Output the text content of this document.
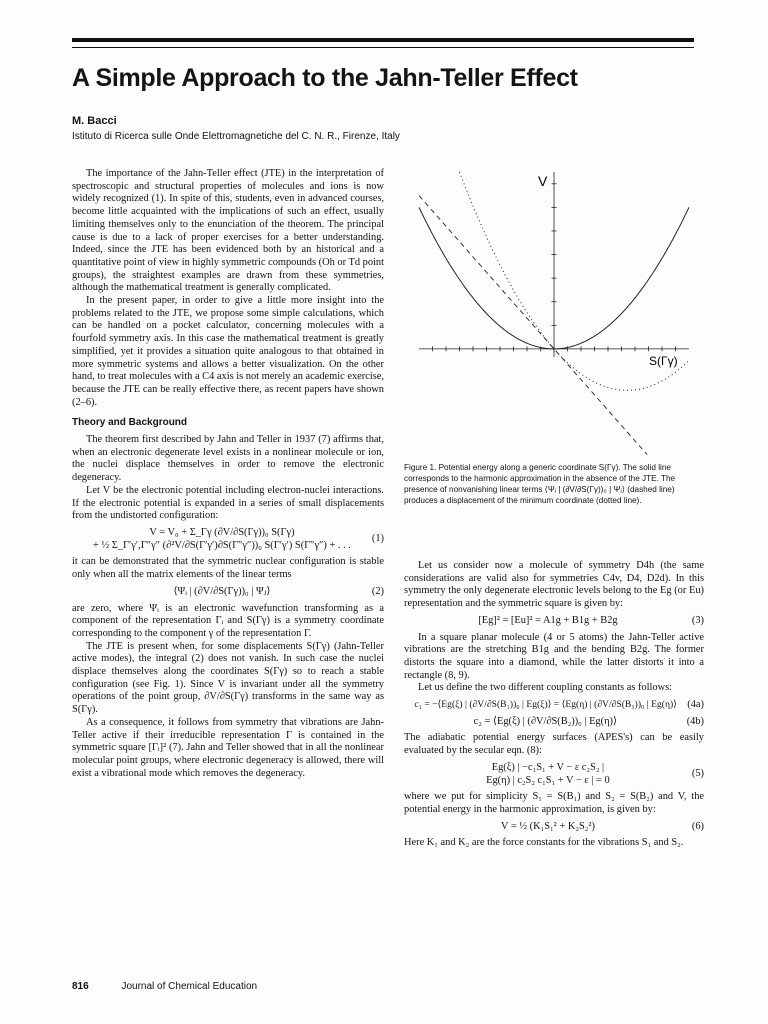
A Simple Approach to the Jahn-Teller Effect
M. Bacci
Istituto di Ricerca sulle Onde Elettromagnetiche del C. N. R., Firenze, Italy

The importance of the Jahn-Teller effect (JTE) in the interpretation of spectroscopic and structural properties of molecules and ions is now widely recognized (1). In spite of this, students, even in advanced courses, become little acquainted with the implications of such an effect, usually limiting themselves only to the enunciation of the theorem. The principal cause is due to a lack of proper exercises for a better understanding. Indeed, since the JTE has been evidenced both by an historical and a quantitative point of view in highly symmetric compounds (Oh or Td point groups), the straightest examples are drawn from these symmetries, although the mathematical treatment is generally complicated.

In the present paper, in order to give a little more insight into the problems related to the JTE, we propose some simple calculations, which can be handled on a pocket calculator, concerning molecules with a fourfold symmetry axis. In this case the mathematical treatment is greatly simplified, yet it provides a situation quite analogous to that obtained in more symmetric systems and allows a better visualization. On the other hand, to treat molecules with a C4 axis is not merely an academic exercise, because the JTE can be really effective there, as recent papers have shown (2–6).

Theory and Background

The theorem first described by Jahn and Teller in 1937 (7) affirms that, when an electronic degenerate level exists in a nonlinear molecule or ion, the nuclei displace themselves in order to remove the electronic degeneracy.

Let V be the electronic potential including electron-nuclei interactions. If the electronic potential is expanded in a series of small displacements from the undistorted configuration:

V = V₀ + Σ_Γγ (∂V/∂S(Γγ))₀ S(Γγ)
+ ½ Σ_Γ′γ′,Γ″γ″ (∂²V/∂S(Γ′γ′)∂S(Γ″γ″))₀ S(Γ′γ′) S(Γ″γ″) + . . .
(1)

it can be demonstrated that the symmetric nuclear configuration is stable only when all the matrix elements of the linear terms

⟨Ψᵢ | (∂V/∂S(Γγ))₀ | Ψⱼ⟩	(2)

are zero, where Ψᵢ is an electronic wavefunction transforming as a component of the representation Γᵢ and S(Γγ) is a symmetry coordinate corresponding to the component γ of the representation Γ.

The JTE is present when, for some displacements S(Γγ) (Jahn-Teller active modes), the integral (2) does not vanish. In such case the nuclei displace themselves along the coordinates S(Γγ) so to reach a stable configuration (see Fig. 1). Since V is invariant under all the symmetry operations of the point group, ∂V/∂S(Γγ) transforms in the same way as S(Γγ).

As a consequence, it follows from symmetry that vibrations are Jahn-Teller active if their irreducible representation Γ is contained in the symmetric square [Γᵢ]² (7). Jahn and Teller showed that in all the nonlinear molecular point groups, where electronic degeneracy is allowed, there will exist a vibrational mode which removes the degeneracy.

V
S(Γγ)
Figure 1. Potential energy along a generic coordinate S(Γγ). The solid line corresponds to the harmonic approximation in the absence of the JTE. The presence of nonvanishing linear terms ⟨Ψᵢ | (∂V/∂S(Γγ))₀ | Ψⱼ⟩ (dashed line) produces a displacement of the minimum coordinate (dotted line).

Let us consider now a molecule of symmetry D4h (the same considerations are valid also for symmetries C4v, D4, D2d). In this symmetry the only degenerate electronic levels belong to the Eg (or Eu) representation and the symmetric square is given by:

[Eg]² = [Eu]² = A1g + B1g + B2g	(3)

In a square planar molecule (4 or 5 atoms) the Jahn-Teller active vibrations are the stretching B1g and the bending B2g. The former distorts the square into a diamond, while the latter distorts it into a rectangle (8, 9).

Let us define the two different coupling constants as follows:

c₁ = −⟨Eg(ξ) | (∂V/∂S(B₁))₀ | Eg(ξ)⟩ = ⟨Eg(η) | (∂V/∂S(B₁))₀ | Eg(η)⟩ (4a)
c₂ = ⟨Eg(ξ) | (∂V/∂S(B₂))₀ | Eg(η)⟩	(4b)

The adiabatic potential energy surfaces (APES's) can be easily evaluated by the secular eqn. (8):

Eg(ξ) | −c₁S₁ + V − ε c₂S₂ |
Eg(η) | c₂S₂ c₁S₁ + V − ε | = 0
(5)

where we put for simplicity S₁ = S(B₁) and S₂ = S(B₂) and V, the potential energy in the harmonic approximation, is given by:

V = ½ (K₁S₁² + K₂S₂²)	(6)

Here K₁ and K₂ are the force constants for the vibrations S₁ and S₂.

816	Journal of Chemical Education
